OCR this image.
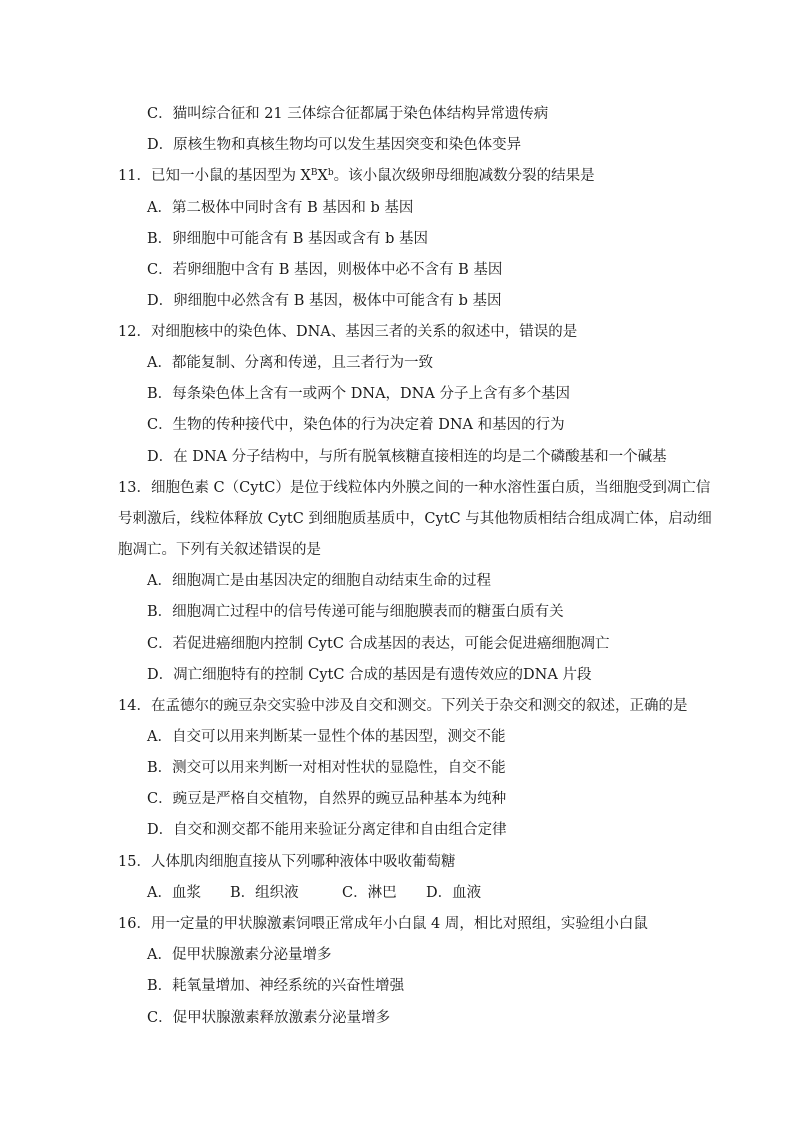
C．猫叫综合征和 21 三体综合征都属于染色体结构异常遗传病
D．原核生物和真核生物均可以发生基因突变和染色体变异
11．已知一小鼠的基因型为 $X^BX^b$。该小鼠次级卵母细胞减数分裂的结果是
A．第二极体中同时含有 B 基因和 b 基因
B．卵细胞中可能含有 B 基因或含有 b 基因
C．若卵细胞中含有 B 基因，则极体中必不含有 B 基因
D．卵细胞中必然含有 B 基因，极体中可能含有 b 基因
12．对细胞核中的染色体、DNA、基因三者的关系的叙述中，错误的是
A．都能复制、分离和传递，且三者行为一致
B．每条染色体上含有一或两个 DNA，DNA 分子上含有多个基因
C．生物的传种接代中，染色体的行为决定着 DNA 和基因的行为
D．在 DNA 分子结构中，与所有脱氧核糖直接相连的均是二个磷酸基和一个碱基
13．细胞色素 C（CytC）是位于线粒体内外膜之间的一种水溶性蛋白质，当细胞受到凋亡信
号刺激后，线粒体释放 CytC 到细胞质基质中，CytC 与其他物质相结合组成凋亡体，启动细
胞凋亡。下列有关叙述错误的是
A．细胞凋亡是由基因决定的细胞自动结束生命的过程
B．细胞凋亡过程中的信号传递可能与细胞膜表而的糖蛋白质有关
C．若促进癌细胞内控制 CytC 合成基因的表达，可能会促进癌细胞凋亡
D．凋亡细胞特有的控制 CytC 合成的基因是有遗传效应的DNA 片段
14．在孟德尔的豌豆杂交实验中涉及自交和测交。下列关于杂交和测交的叙述，正确的是
A．自交可以用来判断某一显性个体的基因型，测交不能
B．测交可以用来判断一对相对性状的显隐性，自交不能
C．豌豆是严格自交植物，自然界的豌豆品种基本为纯种
D．自交和测交都不能用来验证分离定律和自由组合定律
15．人体肌肉细胞直接从下列哪种液体中吸收葡萄糖
A．血浆 B．组织液	C．淋巴 D．血液
16．用一定量的甲状腺激素饲喂正常成年小白鼠 4 周，相比对照组，实验组小白鼠
A．促甲状腺激素分泌量增多
B．耗氧量增加、神经系统的兴奋性增强
C．促甲状腺激素释放激素分泌量增多
